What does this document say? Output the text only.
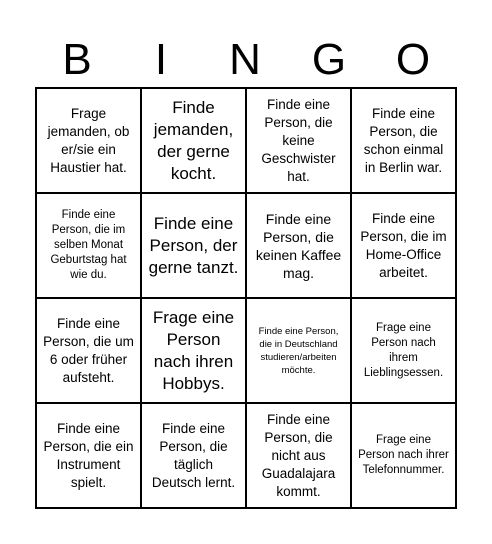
B	I	N	G	O
Frage jemanden, ob er/sie ein Haustier hat.
Finde jemanden, der gerne kocht.
Finde eine Person, die keine Geschwister hat.
Finde eine Person, die schon einmal in Berlin war.
Finde eine Person, die im selben Monat Geburtstag hat wie du.
Finde eine Person, der gerne tanzt.
Finde eine Person, die keinen Kaffee mag.
Finde eine Person, die im Home-Office arbeitet.
Finde eine Person, die um 6 oder früher aufsteht.
Frage eine Person nach ihren Hobbys.
Finde eine Person, die in Deutschland studieren/arbeiten möchte.
Frage eine Person nach ihrem Lieblingsessen.
Finde eine Person, die ein Instrument spielt.
Finde eine Person, die täglich Deutsch lernt.
Finde eine Person, die nicht aus Guadalajara kommt.
Frage eine Person nach ihrer Telefonnummer.
